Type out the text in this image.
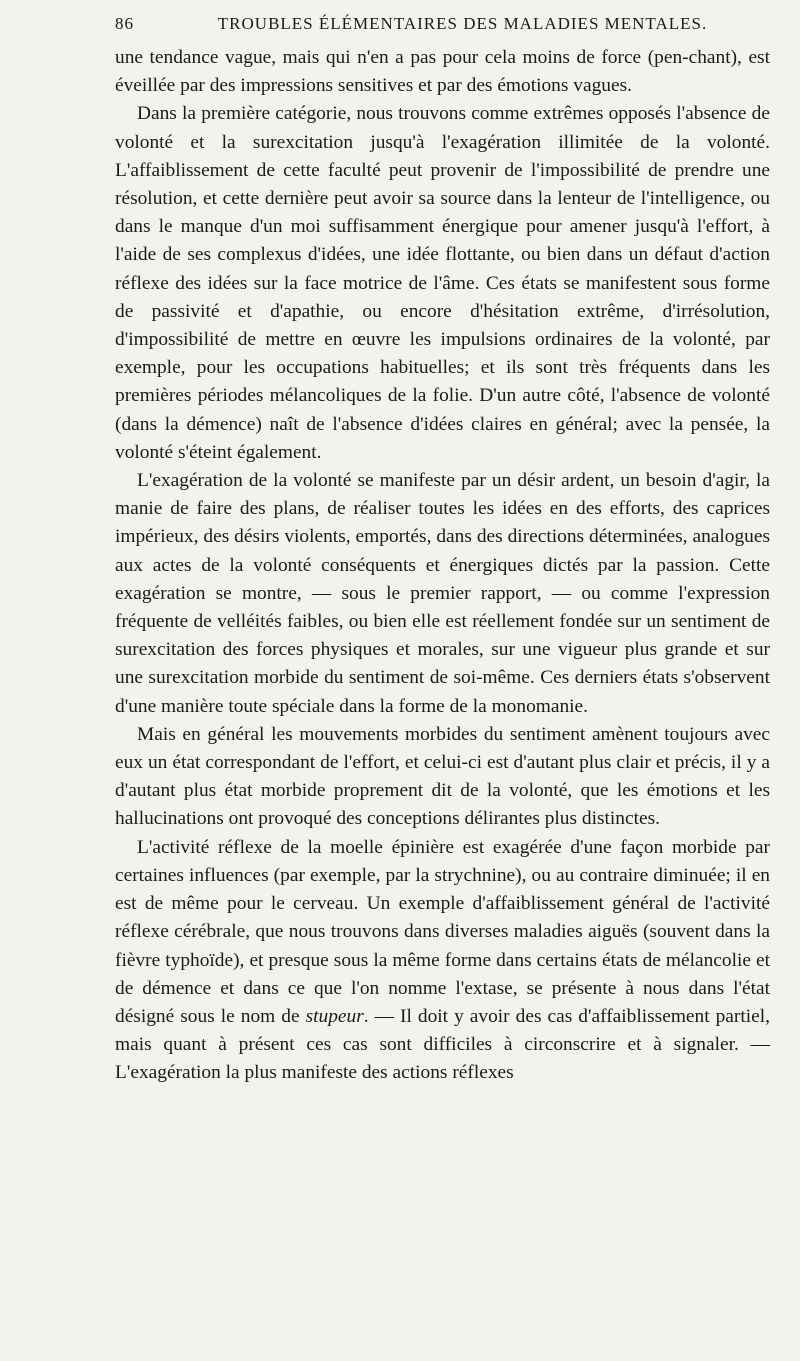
86	TROUBLES ÉLÉMENTAIRES DES MALADIES MENTALES.

une tendance vague, mais qui n'en a pas pour cela moins de force (pen-chant), est éveillée par des impressions sensitives et par des émotions vagues.

Dans la première catégorie, nous trouvons comme extrêmes opposés l'absence de volonté et la surexcitation jusqu'à l'exagération illimitée de la volonté. L'affaiblissement de cette faculté peut provenir de l'impossibilité de prendre une résolution, et cette dernière peut avoir sa source dans la lenteur de l'intelligence, ou dans le manque d'un moi suffisamment énergique pour amener jusqu'à l'effort, à l'aide de ses complexus d'idées, une idée flottante, ou bien dans un défaut d'action réflexe des idées sur la face motrice de l'âme. Ces états se manifestent sous forme de passivité et d'apathie, ou encore d'hésitation extrême, d'irrésolution, d'impossibilité de mettre en œuvre les impulsions ordinaires de la volonté, par exemple, pour les occupations habituelles; et ils sont très fréquents dans les premières périodes mélancoliques de la folie. D'un autre côté, l'absence de volonté (dans la démence) naît de l'absence d'idées claires en général; avec la pensée, la volonté s'éteint également.

L'exagération de la volonté se manifeste par un désir ardent, un besoin d'agir, la manie de faire des plans, de réaliser toutes les idées en des efforts, des caprices impérieux, des désirs violents, emportés, dans des directions déterminées, analogues aux actes de la volonté conséquents et énergiques dictés par la passion. Cette exagération se montre, — sous le premier rapport, — ou comme l'expression fréquente de velléités faibles, ou bien elle est réellement fondée sur un sentiment de surexcitation des forces physiques et morales, sur une vigueur plus grande et sur une surexcitation morbide du sentiment de soi-même. Ces derniers états s'observent d'une manière toute spéciale dans la forme de la monomanie.

Mais en général les mouvements morbides du sentiment amènent toujours avec eux un état correspondant de l'effort, et celui-ci est d'autant plus clair et précis, il y a d'autant plus état morbide proprement dit de la volonté, que les émotions et les hallucinations ont provoqué des conceptions délirantes plus distinctes.

L'activité réflexe de la moelle épinière est exagérée d'une façon morbide par certaines influences (par exemple, par la strychnine), ou au contraire diminuée; il en est de même pour le cerveau. Un exemple d'affaiblissement général de l'activité réflexe cérébrale, que nous trouvons dans diverses maladies aiguës (souvent dans la fièvre typhoïde), et presque sous la même forme dans certains états de mélancolie et de démence et dans ce que l'on nomme l'extase, se présente à nous dans l'état désigné sous le nom de stupeur. — Il doit y avoir des cas d'affaiblissement partiel, mais quant à présent ces cas sont difficiles à circonscrire et à signaler. — L'exagération la plus manifeste des actions réflexes
